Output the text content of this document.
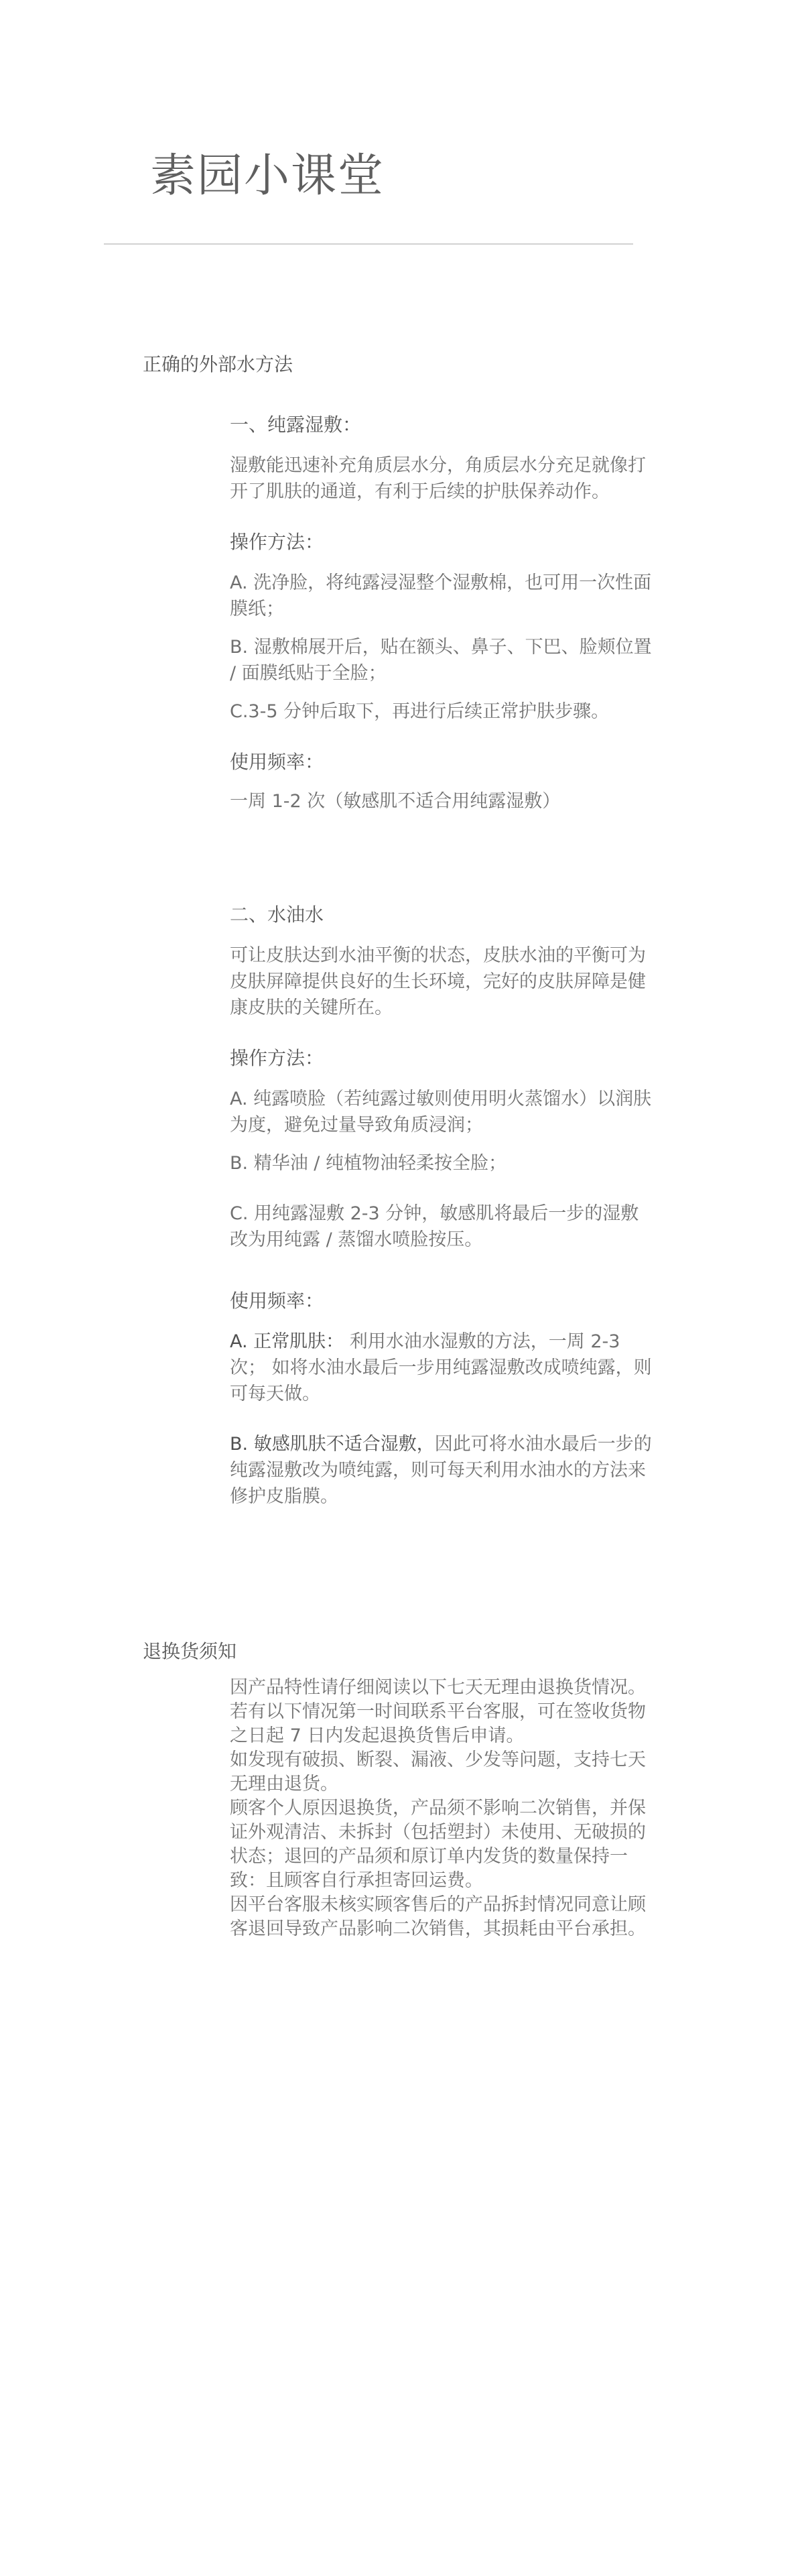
素园小课堂
正确的外部水方法
一、纯露湿敷：

湿敷能迅速补充角质层水分，角质层水分充足就像打开了肌肤的通道，有利于后续的护肤保养动作。

操作方法：

A. 洗净脸，将纯露浸湿整个湿敷棉，也可用一次性面膜纸；

B. 湿敷棉展开后，贴在额头、鼻子、下巴、脸颊位置 / 面膜纸贴于全脸；

C.3-5 分钟后取下，再进行后续正常护肤步骤。

使用频率：

一周 1-2 次（敏感肌不适合用纯露湿敷）

二、水油水

可让皮肤达到水油平衡的状态，皮肤水油的平衡可为皮肤屏障提供良好的生长环境，完好的皮肤屏障是健康皮肤的关键所在。

操作方法：

A. 纯露喷脸（若纯露过敏则使用明火蒸馏水）以润肤为度，避免过量导致角质浸润；

B. 精华油 / 纯植物油轻柔按全脸；

C. 用纯露湿敷 2-3 分钟，敏感肌将最后一步的湿敷改为用纯露 / 蒸馏水喷脸按压。

使用频率：

A. 正常肌肤： 利用水油水湿敷的方法，一周 2-3 次； 如将水油水最后一步用纯露湿敷改成喷纯露，则可每天做。

B. 敏感肌肤不适合湿敷，因此可将水油水最后一步的纯露湿敷改为喷纯露，则可每天利用水油水的方法来修护皮脂膜。

退换货须知

因产品特性请仔细阅读以下七天无理由退换货情况。若有以下情况第一时间联系平台客服，可在签收货物之日起 7 日内发起退换货售后申请。

如发现有破损、断裂、漏液、少发等问题，支持七天无理由退货。

顾客个人原因退换货，产品须不影响二次销售，并保证外观清洁、未拆封（包括塑封）未使用、无破损的状态；退回的产品须和原订单内发货的数量保持一致：且顾客自行承担寄回运费。

因平台客服未核实顾客售后的产品拆封情况同意让顾客退回导致产品影响二次销售，其损耗由平台承担。
